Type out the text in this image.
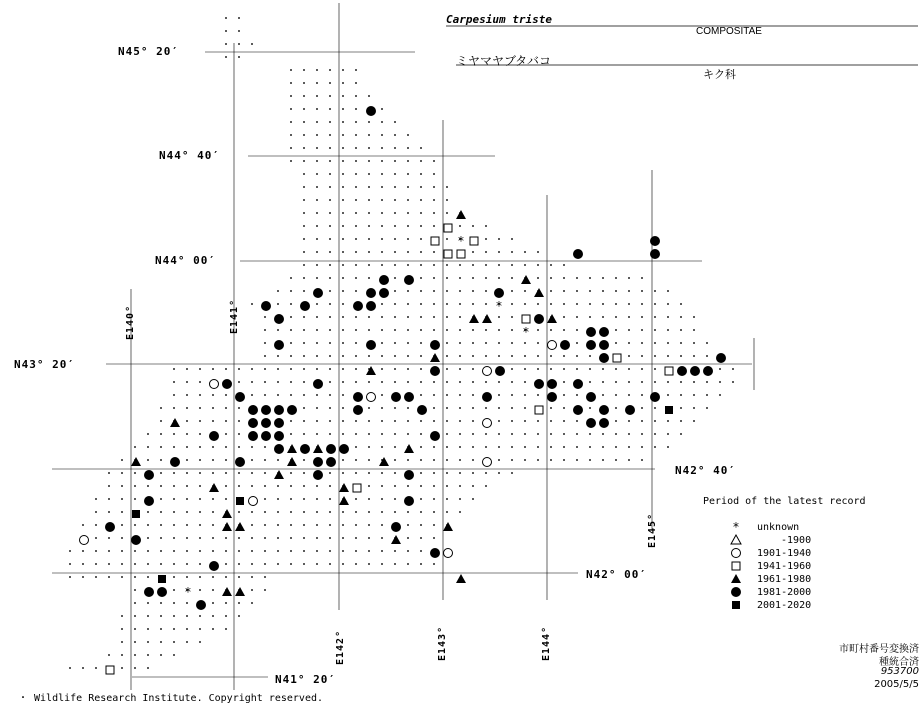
*
*
*
*
*
Carpesium triste
COMPOSITAE
ミヤマヤブタバコ
キク科
N45° 20′
N44° 40′
N44° 00′
N43° 20′
N42° 40′
N42° 00′
N41° 20′
E140°	E141°
E142°	E143°	E144°
E145°
Period of the latest record
unknown
-1900
1901-1940
1941-1960
1961-1980
1981-2000
2001-2020
市町村番号変換済
種統合済
953700
2005/5/5
・ Wildlife Research Institute. Copyright reserved.
